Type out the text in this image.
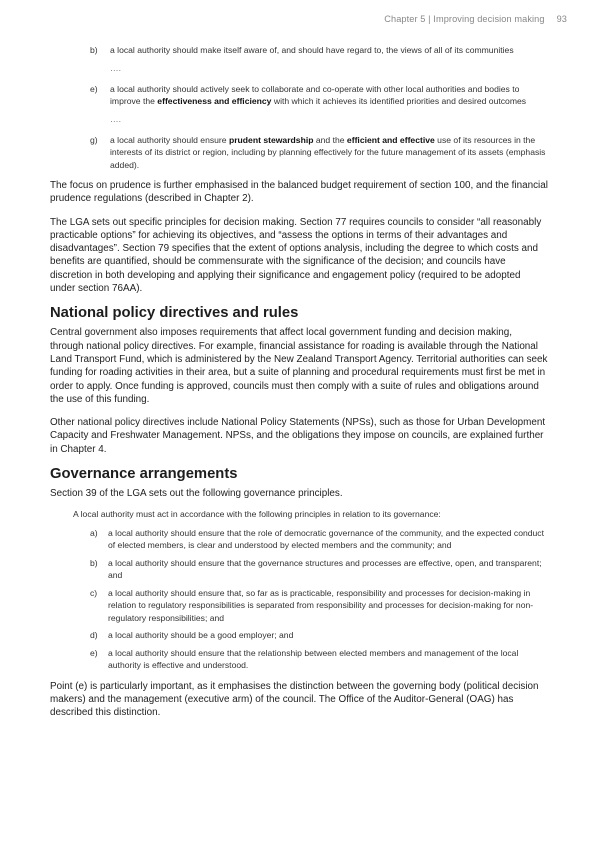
Chapter 5 | Improving decision making 93
b) a local authority should make itself aware of, and should have regard to, the views of all of its communities
….
e) a local authority should actively seek to collaborate and co-operate with other local authorities and bodies to improve the effectiveness and efficiency with which it achieves its identified priorities and desired outcomes
….
g) a local authority should ensure prudent stewardship and the efficient and effective use of its resources in the interests of its district or region, including by planning effectively for the future management of its assets (emphasis added).

The focus on prudence is further emphasised in the balanced budget requirement of section 100, and the financial prudence regulations (described in Chapter 2).

The LGA sets out specific principles for decision making. Section 77 requires councils to consider “all reasonably practicable options” for achieving its objectives, and “assess the options in terms of their advantages and disadvantages”. Section 79 specifies that the extent of options analysis, including the degree to which costs and benefits are quantified, should be commensurate with the significance of the decision; and councils have discretion in both developing and applying their significance and engagement policy (required to be adopted under section 76AA).

National policy directives and rules

Central government also imposes requirements that affect local government funding and decision making, through national policy directives. For example, financial assistance for roading is available through the National Land Transport Fund, which is administered by the New Zealand Transport Agency. Territorial authorities can seek funding for roading activities in their area, but a suite of planning and procedural requirements must first be met in order to apply. Once funding is approved, councils must then comply with a suite of rules and obligations around the use of this funding.

Other national policy directives include National Policy Statements (NPSs), such as those for Urban Development Capacity and Freshwater Management. NPSs, and the obligations they impose on councils, are explained further in Chapter 4.

Governance arrangements

Section 39 of the LGA sets out the following governance principles.

A local authority must act in accordance with the following principles in relation to its governance:
a) a local authority should ensure that the role of democratic governance of the community, and the expected conduct of elected members, is clear and understood by elected members and the community; and
b) a local authority should ensure that the governance structures and processes are effective, open, and transparent; and
c) a local authority should ensure that, so far as is practicable, responsibility and processes for decision-making in relation to regulatory responsibilities is separated from responsibility and processes for decision-making for non-regulatory responsibilities; and
d) a local authority should be a good employer; and
e) a local authority should ensure that the relationship between elected members and management of the local authority is effective and understood.

Point (e) is particularly important, as it emphasises the distinction between the governing body (political decision makers) and the management (executive arm) of the council. The Office of the Auditor-General (OAG) has described this distinction.
